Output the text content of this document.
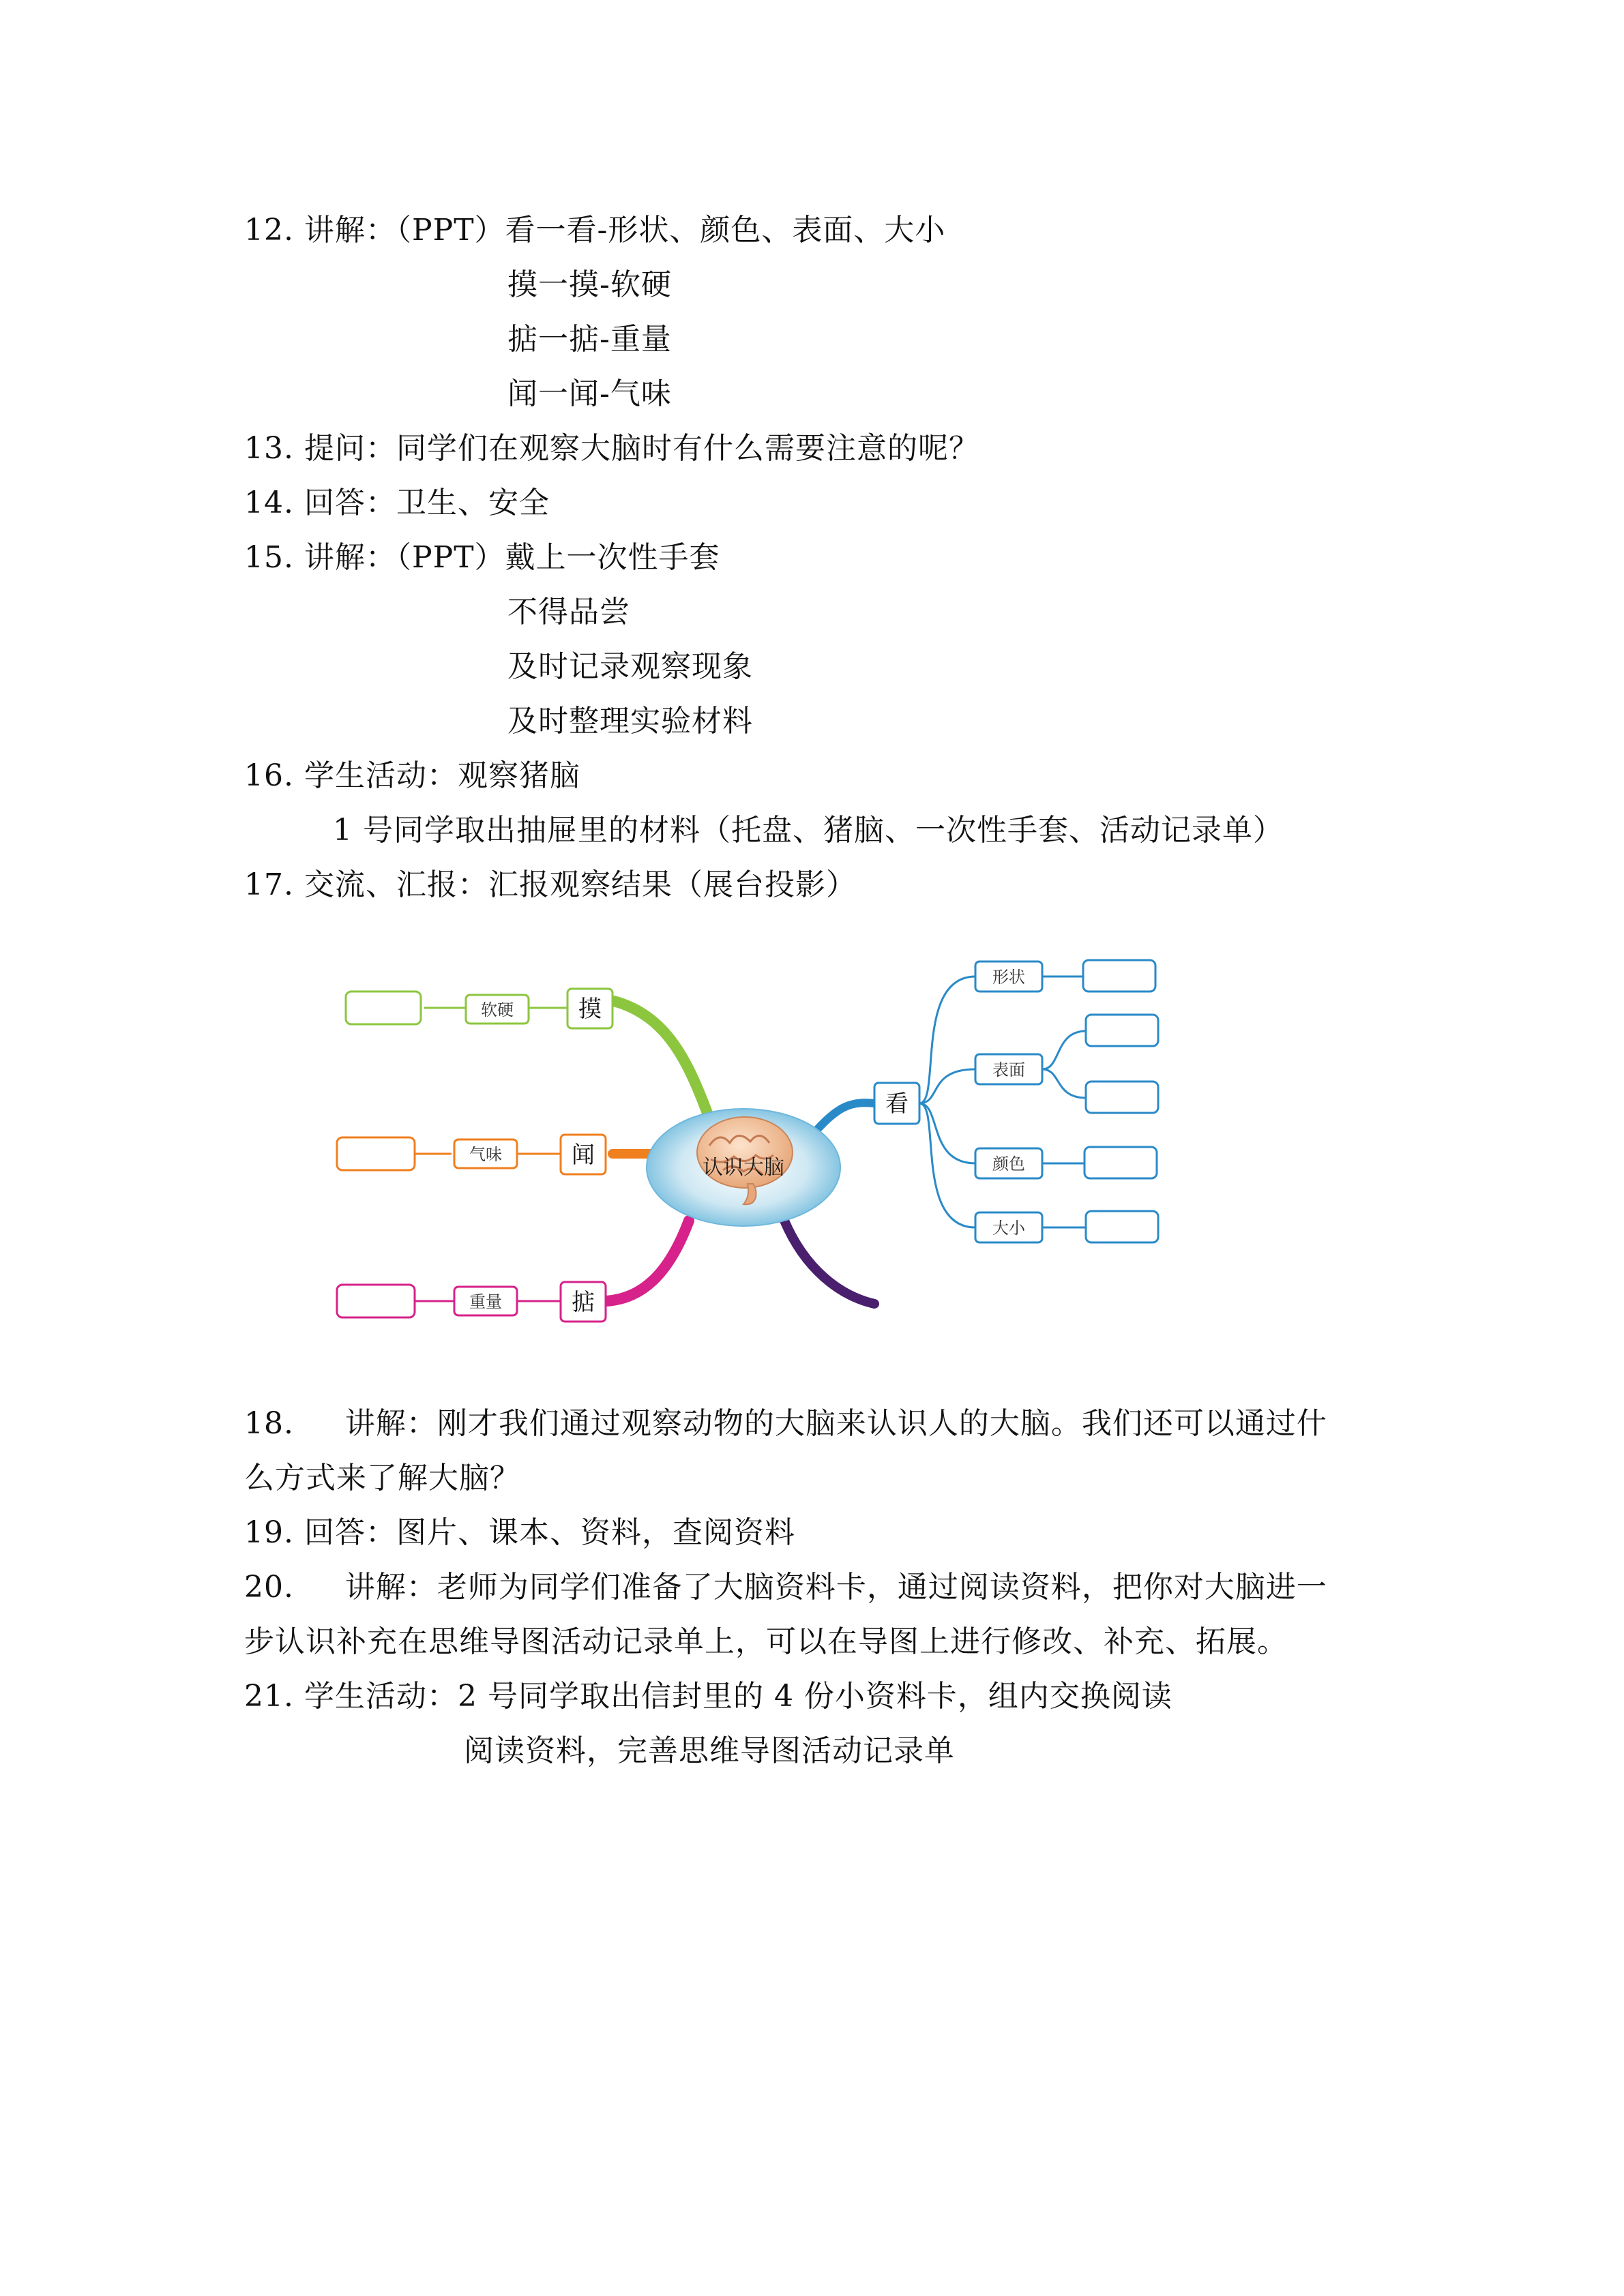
12. 讲解：（PPT）看一看-形状、颜色、表面、大小
摸一摸-软硬
掂一掂-重量
闻一闻-气味
13. 提问：同学们在观察大脑时有什么需要注意的呢？
14. 回答：卫生、安全
15. 讲解：（PPT）戴上一次性手套
不得品尝
及时记录观察现象
及时整理实验材料
16. 学生活动：观察猪脑
1 号同学取出抽屉里的材料（托盘、猪脑、一次性手套、活动记录单）
17. 交流、汇报：汇报观察结果（展台投影）
摸
软硬
闻
气味
掂
重量
看
形状
表面
颜色
大小
认识大脑
18. 讲解：刚才我们通过观察动物的大脑来认识人的大脑。我们还可以通过什
么方式来了解大脑？
19. 回答：图片、课本、资料，查阅资料
20. 讲解：老师为同学们准备了大脑资料卡，通过阅读资料，把你对大脑进一
步认识补充在思维导图活动记录单上，可以在导图上进行修改、补充、拓展。
21. 学生活动：2 号同学取出信封里的 4 份小资料卡，组内交换阅读
阅读资料，完善思维导图活动记录单
